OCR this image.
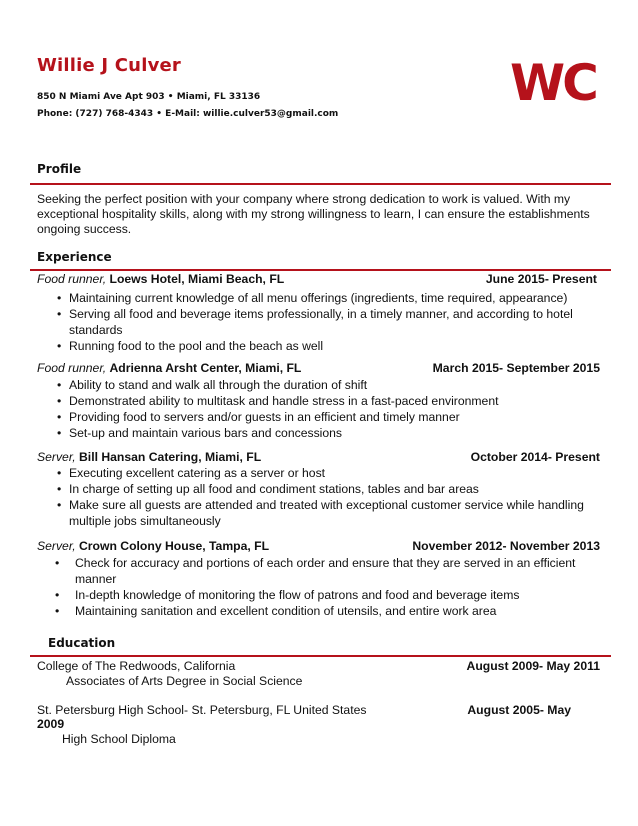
Willie J Culver
850 N Miami Ave Apt 903 • Miami, FL 33136
Phone: (727) 768-4343 • E-Mail: willie.culver53@gmail.com
WC
Profile
Seeking the perfect position with your company where strong dedication to work is valued. With my exceptional hospitality skills, along with my strong willingness to learn, I can ensure the establishments ongoing success.
Experience
Food runner, Loews Hotel, Miami Beach, FL	June 2015- Present
• Maintaining current knowledge of all menu offerings (ingredients, time required, appearance)
• Serving all food and beverage items professionally, in a timely manner, and according to hotel standards
• Running food to the pool and the beach as well
Food runner, Adrienna Arsht Center, Miami, FL	March 2015- September 2015
• Ability to stand and walk all through the duration of shift
• Demonstrated ability to multitask and handle stress in a fast-paced environment
• Providing food to servers and/or guests in an efficient and timely manner
• Set-up and maintain various bars and concessions
Server, Bill Hansan Catering, Miami, FL	October 2014- Present
• Executing excellent catering as a server or host
• In charge of setting up all food and condiment stations, tables and bar areas
• Make sure all guests are attended and treated with exceptional customer service while handling multiple jobs simultaneously
Server, Crown Colony House, Tampa, FL	November 2012- November 2013
• Check for accuracy and portions of each order and ensure that they are served in an efficient manner
• In-depth knowledge of monitoring the flow of patrons and food and beverage items
• Maintaining sanitation and excellent condition of utensils, and entire work area
Education
College of The Redwoods, California	August 2009- May 2011
Associates of Arts Degree in Social Science
St. Petersburg High School- St. Petersburg, FL United States	August 2005- May
2009
High School Diploma
